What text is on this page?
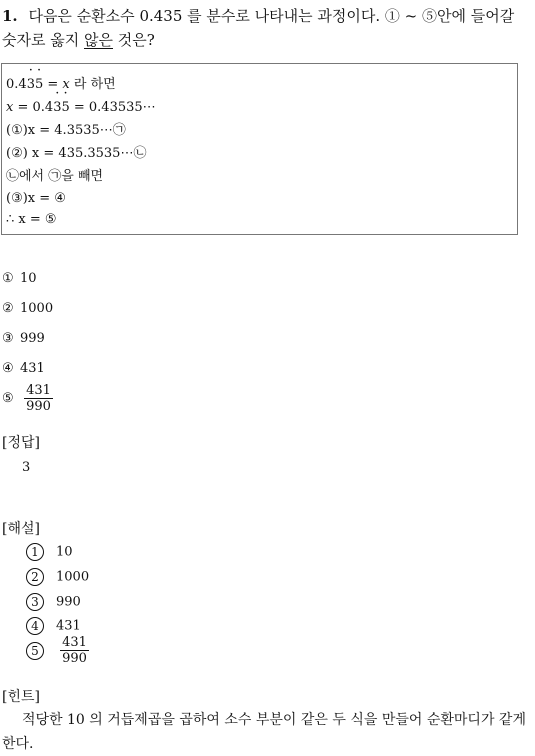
1. 다음은 순환소수 0.4· 3· 5 를 분수로 나타내는 과정이다. ① ~ ⑤안에 들어갈 숫자로 옳지 않은 것은?
0.4· 3· 5 = x 라 하면
x = 0.4· 3· 5 = 0.43535⋯
(①)x = 4.3535⋯㉠
(②) x = 435.3535⋯㉡
㉡에서 ㉠을 빼면
(③)x = ④
∴ x = ⑤
① 10
② 1000
③ 999
④ 431
⑤ $\frac{431}{990}$
[정답]
3
[해설]
1 10
2 1000
3 990
4 431
$5 \frac{431}{990}$
[힌트]
적당한 10 의 거듭제곱을 곱하여 소수 부분이 같은 두 식을 만들어 순환마디가 같게 한다.
